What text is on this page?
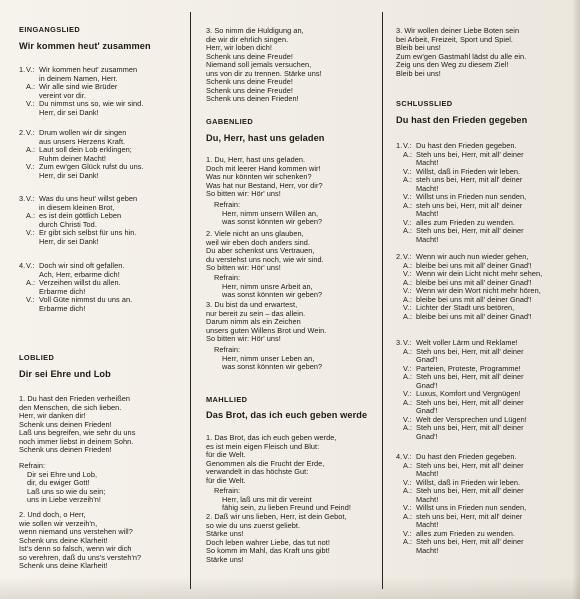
EINGANGSLIED
Wir kommen heut' zusammen
1. V.: Wir kommen heut' zusammen
in deinem Namen, Herr.
A.: Wir alle sind wie Brüder
vereint vor dir.
V.: Du nimmst uns so, wie wir sind.
Herr, dir sei Dank!
2. V.: Drum wollen wir dir singen
aus unsers Herzens Kraft.
A.: Laut soll dein Lob erklingen;
Ruhm deiner Macht!
V.: Zum ew'gen Glück rufst du uns.
Herr, dir sei Dank!
3. V.: Was du uns heut' willst geben
in diesem kleinen Brot,
A.: es ist dein göttlich Leben
durch Christi Tod.
V.: Er gibt sich selbst für uns hin.
Herr, dir sei Dank!
4. V.: Doch wir sind oft gefallen.
Ach, Herr, erbarme dich!
A.: Verzeihen willst du allen.
Erbarme dich!
V.: Voll Güte nimmst du uns an.
Erbarme dich!
LOBLIED
Dir sei Ehre und Lob
1. Du hast den Frieden verheißen
den Menschen, die sich lieben.
Herr, wir danken dir!
Schenk uns deinen Frieden!
Laß uns begreifen, wie sehr du uns
noch immer liebst in deinem Sohn.
Schenk uns deinen Frieden!
Refrain:
Dir sei Ehre und Lob,
dir, du ewiger Gott!
Laß uns so wie du sein;
uns in Liebe verzeih'n!
2. Und doch, o Herr,
wie sollen wir verzeih'n,
wenn niemand uns verstehen will?
Schenk uns deine Klarheit!
Ist's denn so falsch, wenn wir dich
so verehren, daß du uns's versteh'n?
Schenk uns deine Klarheit!
3. So nimm die Huldigung an,
die wir dir ehrlich singen.
Herr, wir loben dich!
Schenk uns deine Freude!
Niemand soll jemals versuchen,
uns von dir zu trennen. Stärke uns!
Schenk uns deine Freude!
Schenk uns deine Freude!
Schenk uns deinen Frieden!
GABENLIED
Du, Herr, hast uns geladen
1. Du, Herr, hast uns geladen.
Doch mit leerer Hand kommen wir!
Was nur könnten wir schenken?
Was hat nur Bestand, Herr, vor dir?
So bitten wir: Hör' uns!
Refrain:
Herr, nimm unsern Willen an,
was sonst könnten wir geben?
2. Viele nicht an uns glauben,
weil wir eben doch anders sind.
Du aber schenkst uns Vertrauen,
du verstehst uns noch, wie wir sind.
So bitten wir: Hör' uns!
Refrain:
Herr, nimm unsre Arbeit an,
was sonst könnten wir geben?
3. Du bist da und erwartest,
nur bereit zu sein – das allein.
Darum nimm als ein Zeichen
unsers guten Willens Brot und Wein.
So bitten wir: Hör' uns!
Refrain:
Herr, nimm unser Leben an,
was sonst könnten wir geben?
MAHLLIED
Das Brot, das ich euch geben werde
1. Das Brot, das ich euch geben werde,
es ist mein eigen Fleisch und Blut:
für die Welt.
Genommen als die Frucht der Erde,
verwandelt in das höchste Gut:
für die Welt.
Refrain:
Herr, laß uns mit dir vereint
fähig sein, zu lieben Freund und Feind!
2. Daß wir uns lieben, Herr, ist dein Gebot,
so wie du uns zuerst geliebt.
Stärke uns!
Doch leben wahrer Liebe, das tut not!
So komm im Mahl, das Kraft uns gibt!
Stärke uns!
3. Wir wollen deiner Liebe Boten sein
bei Arbeit, Freizeit, Sport und Spiel.
Bleib bei uns!
Zum ew'gen Gastmahl lädst du alle ein.
Zeig uns den Weg zu diesem Ziel!
Bleib bei uns!
SCHLUSSLIED
Du hast den Frieden gegeben
1. V.: Du hast den Frieden gegeben.
A.: Steh uns bei, Herr, mit all' deiner
Macht!
V.: Willst, daß in Frieden wir leben.
A.: steh uns bei, Herr, mit all' deiner
Macht!
V.: Willst uns in Frieden nun senden,
A.: steh uns bei, Herr, mit all' deiner
Macht!
V.: alles zum Frieden zu wenden.
A.: Steh uns bei, Herr, mit all' deiner
Macht!
2. V.: Wenn wir auch nun wieder gehen,
A.: bleibe bei uns mit all' deiner Gnad'!
V.: Wenn wir dein Licht nicht mehr sehen,
A.: bleibe bei uns mit all' deiner Gnad'!
V.: Wenn wir dein Wort nicht mehr hören,
A.: bleibe bei uns mit all' deiner Gnad'!
V.: Lichter der Stadt uns betören,
A.: bleibe bei uns mit all' deiner Gnad'!
3. V.: Welt voller Lärm und Reklame!
A.: Steh uns bei, Herr, mit all' deiner
Gnad'!
V.: Parteien, Proteste, Programme!
A.: Steh uns bei, Herr, mit all' deiner
Gnad'!
V.: Luxus, Komfort und Vergnügen!
A.: Steh uns bei, Herr, mit all' deiner
Gnad'!
V.: Welt der Versprechen und Lügen!
A.: Steh uns bei, Herr, mit all' deiner
Gnad'!
4. V.: Du hast den Frieden gegeben.
A.: Steh uns bei, Herr, mit all' deiner
Macht!
V.: Willst, daß in Frieden wir leben.
A.: Steh uns bei, Herr, mit all' deiner
Macht!
V.: Willst uns in Frieden nun senden,
A.: steh uns bei, Herr, mit all' deiner
Macht!
V.: alles zum Frieden zu wenden.
A.: Steh uns bei, Herr, mit all' deiner
Macht!
